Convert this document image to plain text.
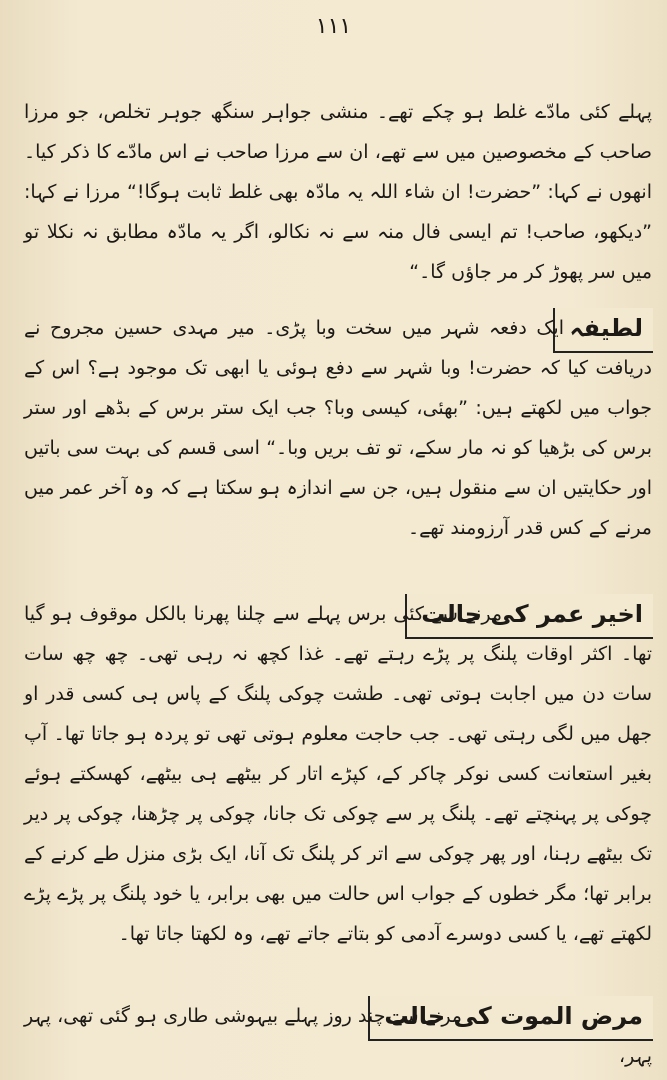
۱۱۱

پہلے کئی مادّے غلط ہو چکے تھے۔ منشی جواہر سنگھ جوہر تخلص، جو مرزا صاحب کے مخصوصین میں سے تھے، ان سے مرزا صاحب نے اس مادّے کا ذکر کیا۔ انھوں نے کہا: ”حضرت! ان شاء اللہ یہ مادّہ بھی غلط ثابت ہوگا!“ مرزا نے کہا: ”دیکھو، صاحب! تم ایسی فال منہ سے نہ نکالو، اگر یہ مادّہ مطابق نہ نکلا تو میں سر پھوڑ کر مر جاؤں گا۔“

لطیفہ

ایک دفعہ شہر میں سخت وبا پڑی۔ میر مہدی حسین مجروح نے دریافت کیا کہ حضرت! وبا شہر سے دفع ہوئی یا ابھی تک موجود ہے؟ اس کے جواب میں لکھتے ہیں: ”بھئی، کیسی وبا؟ جب ایک ستر برس کے بڈھے اور ستر برس کی بڑھیا کو نہ مار سکے، تو تف بریں وبا۔“ اسی قسم کی بہت سی باتیں اور حکایتیں ان سے منقول ہیں، جن سے اندازہ ہو سکتا ہے کہ وہ آخر عمر میں مرنے کے کس قدر آرزومند تھے۔

اخیر عمر کی حالت

مرنے سے کئی برس پہلے سے چلنا پھرنا بالکل موقوف ہو گیا تھا۔ اکثر اوقات پلنگ پر پڑے رہتے تھے۔ غذا کچھ نہ رہی تھی۔ چھ چھ سات سات دن میں اجابت ہوتی تھی۔ طشت چوکی پلنگ کے پاس ہی کسی قدر او جھل میں لگی رہتی تھی۔ جب حاجت معلوم ہوتی تھی تو پردہ ہو جاتا تھا۔ آپ بغیر استعانت کسی نوکر چاکر کے، کپڑے اتار کر بیٹھے ہی بیٹھے، کھسکتے ہوئے چوکی پر پہنچتے تھے۔ پلنگ پر سے چوکی تک جانا، چوکی پر چڑھنا، چوکی پر دیر تک بیٹھے رہنا، اور پھر چوکی سے اتر کر پلنگ تک آنا، ایک بڑی منزل طے کرنے کے برابر تھا؛ مگر خطوں کے جواب اس حالت میں بھی برابر، یا خود پلنگ پر پڑے پڑے لکھتے تھے، یا کسی دوسرے آدمی کو بتاتے جاتے تھے، وہ لکھتا جاتا تھا۔

مرض الموت کی حالت

مرنے سے چند روز پہلے بیہوشی طاری ہو گئی تھی، پہر پہر،
